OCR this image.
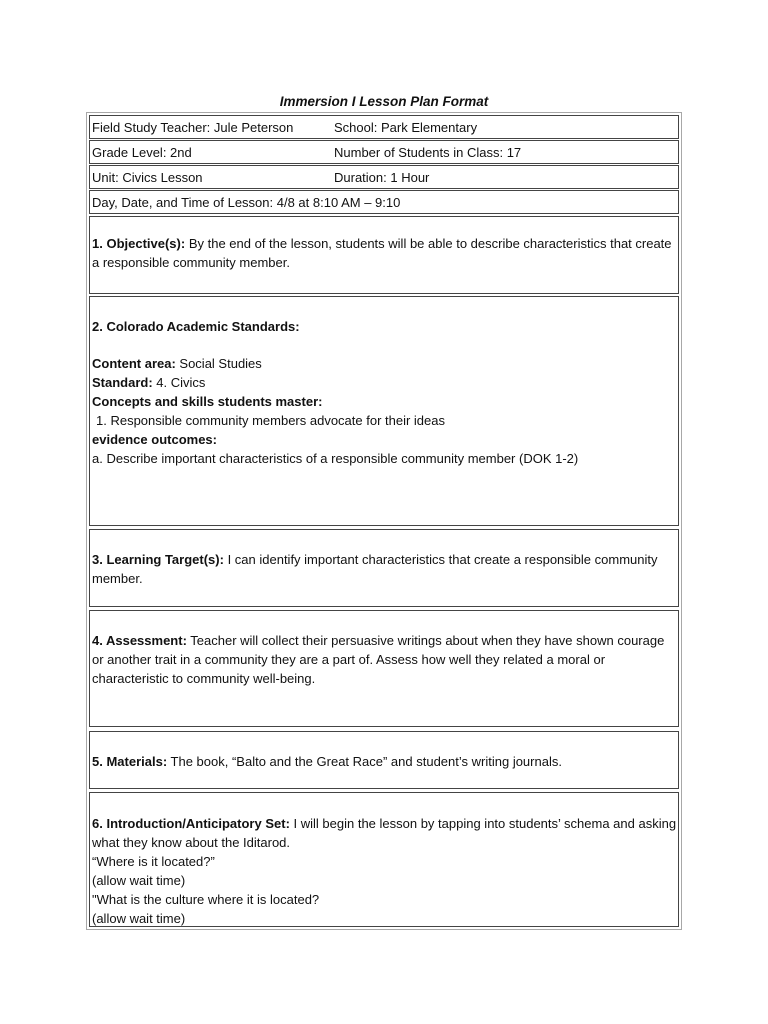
Immersion I Lesson Plan Format
Field Study Teacher: Jule Peterson	School: Park Elementary
Grade Level: 2nd	Number of Students in Class: 17
Unit: Civics Lesson	Duration: 1 Hour
Day, Date, and Time of Lesson: 4/8 at 8:10 AM – 9:10

1. Objective(s): By the end of the lesson, students will be able to describe characteristics that create a responsible community member.

2. Colorado Academic Standards:

Content area: Social Studies

Standard: 4. Civics

Concepts and skills students master:

1. Responsible community members advocate for their ideas

evidence outcomes:

a. Describe important characteristics of a responsible community member (DOK 1-2)

3. Learning Target(s): I can identify important characteristics that create a responsible community member.

4. Assessment: Teacher will collect their persuasive writings about when they have shown courage or another trait in a community they are a part of. Assess how well they related a moral or characteristic to community well-being.

5. Materials: The book, “Balto and the Great Race” and student’s writing journals.

6. Introduction/Anticipatory Set: I will begin the lesson by tapping into students’ schema and asking what they know about the Iditarod.

“Where is it located?”

(allow wait time)

"What is the culture where it is located?

(allow wait time)
